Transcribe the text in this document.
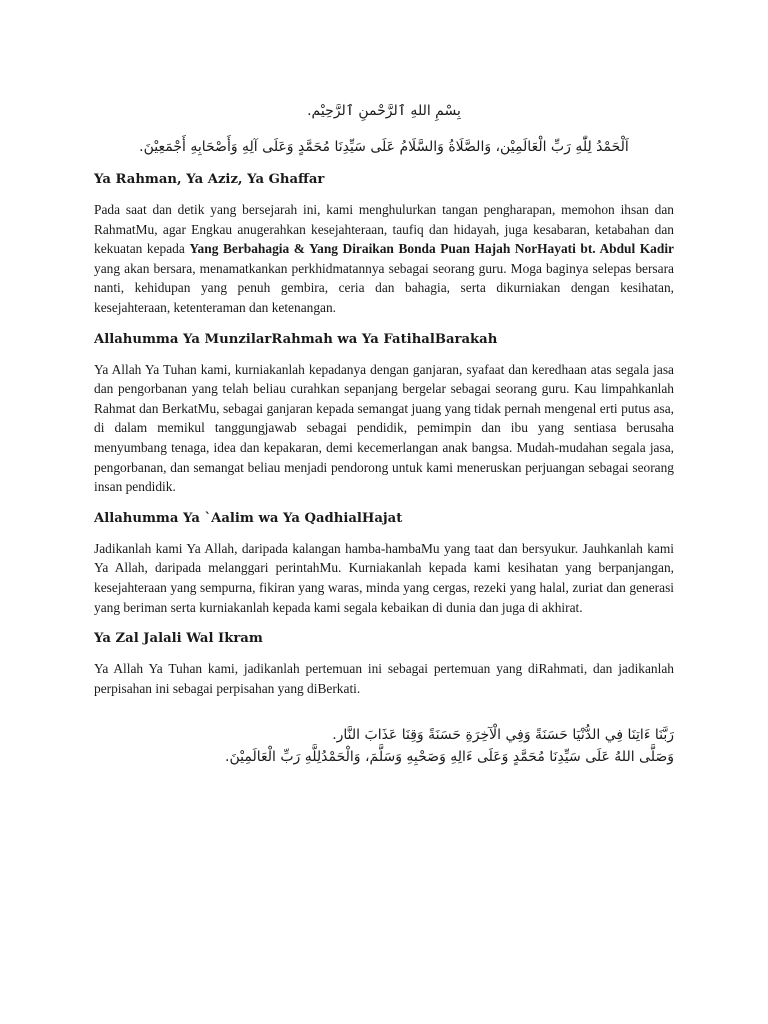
بِسْمِ اللهِ ٱلرَّحْمنِ ٱلرَّحِيْم.

اَلْحَمْدُ لِلّٰهِ رَبِّ الْعَالَمِيْن، وَالصَّلَاةُ وَالسَّلَامُ عَلَى سَيِّدِنَا مُحَمَّدٍ وَعَلَى آلِهِ وَأَصْحَابِهِ أَجْمَعِيْنَ.

Ya Rahman, Ya Aziz, Ya Ghaffar

Pada saat dan detik yang bersejarah ini, kami menghulurkan tangan pengharapan, memohon ihsan dan RahmatMu, agar Engkau anugerahkan kesejahteraan, taufiq dan hidayah, juga kesabaran, ketabahan dan kekuatan kepada Yang Berbahagia & Yang Diraikan Bonda Puan Hajah NorHayati bt. Abdul Kadir yang akan bersara, menamatkankan perkhidmatannya sebagai seorang guru. Moga baginya selepas bersara nanti, kehidupan yang penuh gembira, ceria dan bahagia, serta dikurniakan dengan kesihatan, kesejahteraan, ketenteraman dan ketenangan.

Allahumma Ya MunzilarRahmah wa Ya FatihalBarakah

Ya Allah Ya Tuhan kami, kurniakanlah kepadanya dengan ganjaran, syafaat dan keredhaan atas segala jasa dan pengorbanan yang telah beliau curahkan sepanjang bergelar sebagai seorang guru. Kau limpahkanlah Rahmat dan BerkatMu, sebagai ganjaran kepada semangat juang yang tidak pernah mengenal erti putus asa, di dalam memikul tanggungjawab sebagai pendidik, pemimpin dan ibu yang sentiasa berusaha menyumbang tenaga, idea dan kepakaran, demi kecemerlangan anak bangsa. Mudah-mudahan segala jasa, pengorbanan, dan semangat beliau menjadi pendorong untuk kami meneruskan perjuangan sebagai seorang insan pendidik.

Allahumma Ya `Aalim wa Ya QadhialHajat

Jadikanlah kami Ya Allah, daripada kalangan hamba-hambaMu yang taat dan bersyukur. Jauhkanlah kami Ya Allah, daripada melanggari perintahMu. Kurniakanlah kepada kami kesihatan yang berpanjangan, kesejahteraan yang sempurna, fikiran yang waras, minda yang cergas, rezeki yang halal, zuriat dan generasi yang beriman serta kurniakanlah kepada kami segala kebaikan di dunia dan juga di akhirat.

Ya Zal Jalali Wal Ikram

Ya Allah Ya Tuhan kami, jadikanlah pertemuan ini sebagai pertemuan yang diRahmati, dan jadikanlah perpisahan ini sebagai perpisahan yang diBerkati.

رَبَّنَا ءَاتِنَا فِي الدُّنْيَا حَسَنَةً وَفِي الْآخِرَةِ حَسَنَةً وَقِنَا عَذَابَ النَّار.
وَصَلَّى اللهُ عَلَى سَيِّدِنَا مُحَمَّدٍ وَعَلَى ءَالِهِ وَصَحْبِهِ وَسَلَّمَ، وَالْحَمْدُلِلَّهِ رَبِّ الْعَالَمِيْنَ.
